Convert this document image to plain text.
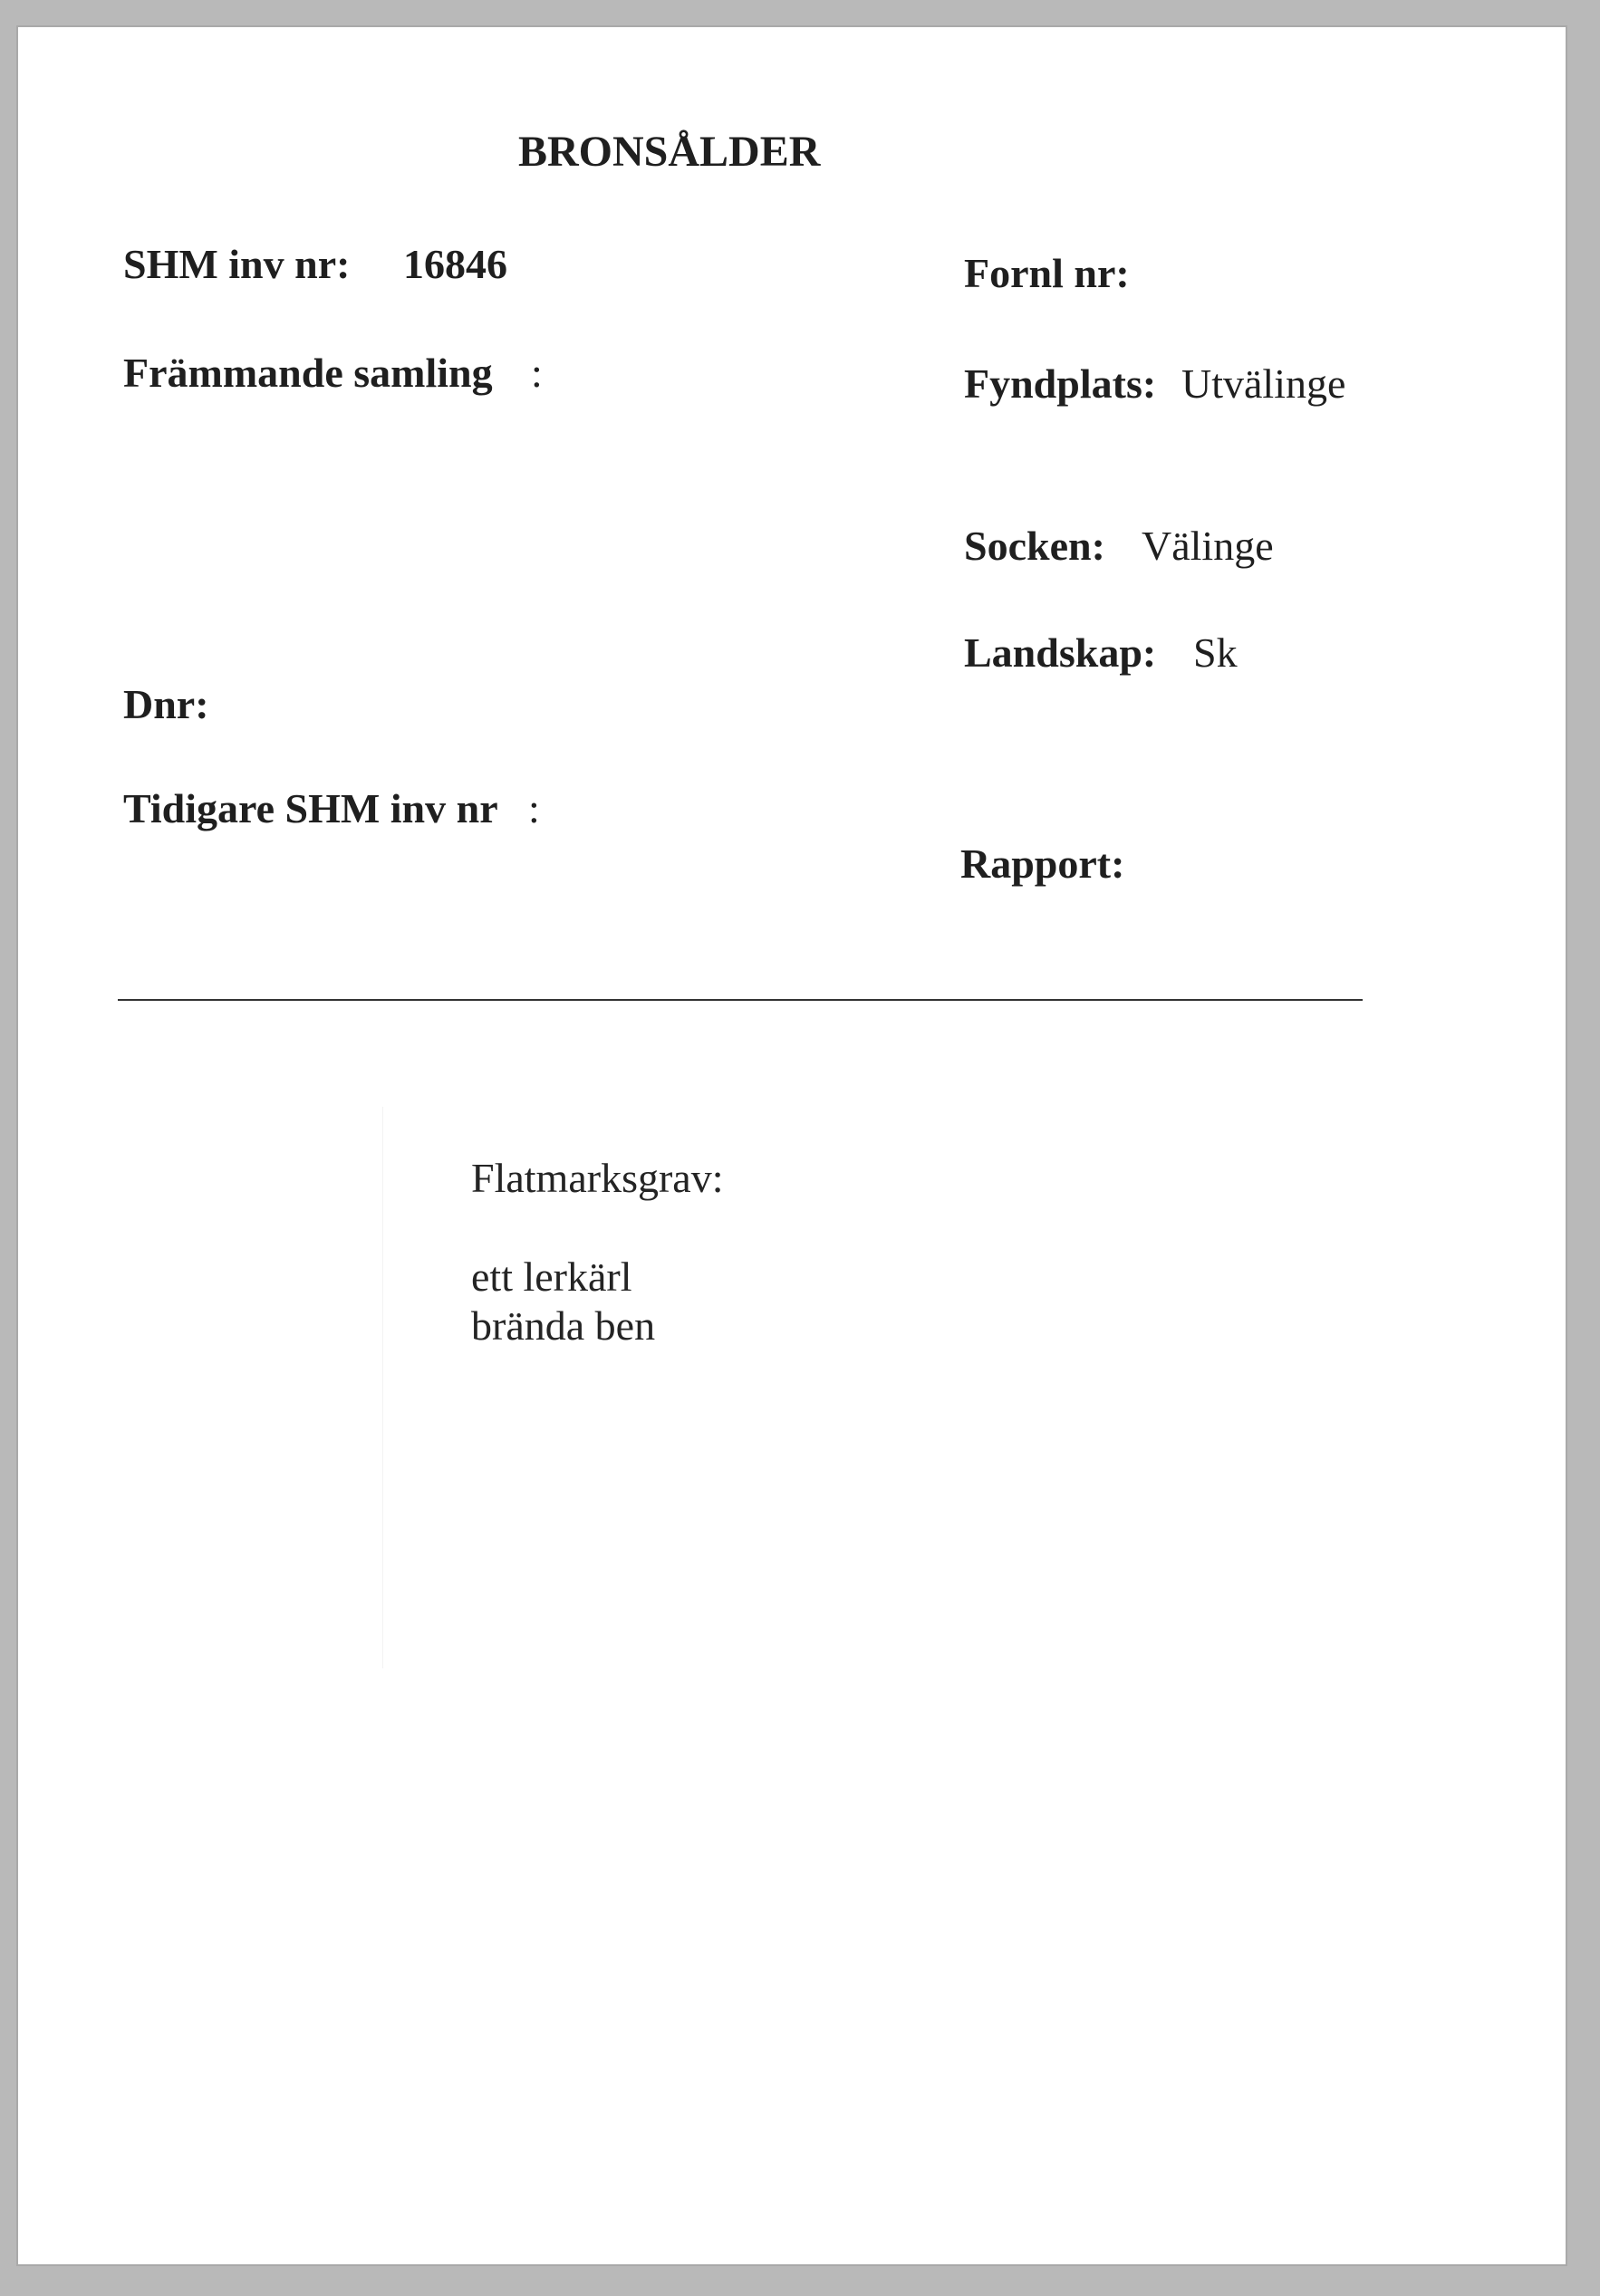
BRONSÅLDER
SHM inv nr: 16846
Främmande samling :
Dnr:
Tidigare SHM inv nr :
Fornl nr:
Fyndplats: Utvälinge
Socken: Välinge
Landskap: Sk
Rapport:
Flatmarksgrav:
ett lerkärl
brända ben
